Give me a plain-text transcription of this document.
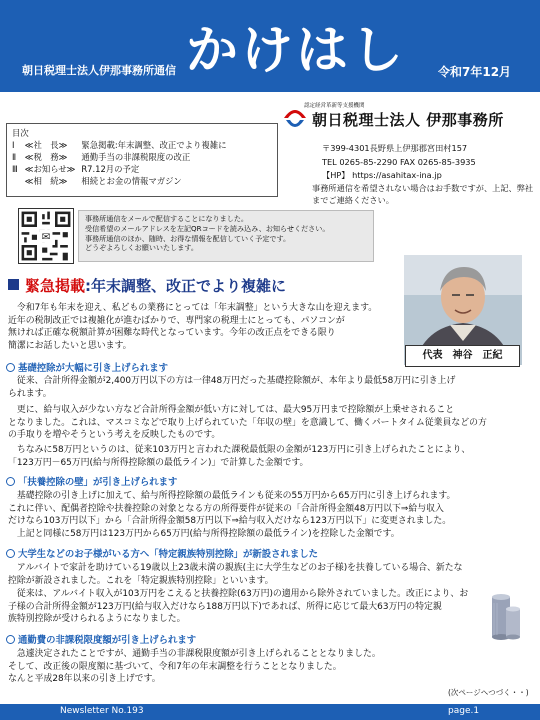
朝日税理士法人伊那事務所通信 かけはし	令和7年12月
目次
Ⅰ ≪社　長≫ 緊急掲載:年末調整、改正でより複雑に
Ⅱ ≪税　務≫ 通勤手当の非課税限度の改正
Ⅲ ≪お知らせ≫ R7.12月の予定
≪相　続≫ 相続とお金の情報マガジン
認定経営革新等支援機関
朝日税理士法人 伊那事務所
〒399-4301長野県上伊那郡宮田村157
TEL 0265-85-2290 FAX 0265-85-3935
【HP】 https://asahitax-ina.jp
事務所通信を希望されない場合はお手数ですが、上記、弊社までご連絡ください。
✉
事務所通信をメールで配信することになりました。
受信希望のメールアドレスを左記QRコードを読み込み、お知らせください。
事務所通信のほか、随時、お得な情報を配信していく予定です。
どうぞよろしくお願いいたします。
代表　神谷　正紀
緊急掲載:年末調整、改正でより複雑に
　令和7年も年末を迎え、私どもの業務にとっては「年末調整」という大きな山を迎えます。
近年の税制改正では複雑化が進むばかりで、専門家の税理士にとっても、パソコンが
無ければ正確な税額計算が困難な時代となっています。今年の改正点をできる限り
簡潔にお話したいと思います。
基礎控除が大幅に引き上げられます
　従来、合計所得金額が2,400万円以下の方は一律48万円だった基礎控除額が、本年より最低58万円に引き上げ
られます。
　更に、給与収入が少ない方など合計所得金額が低い方に対しては、最大95万円まで控除額が上乗せされること
となりました。これは、マスコミなどで取り上げられていた「年収の壁」を意識して、働くパートタイム従業員などの方
の手取りを増やそうという考えを反映したものです。
　ちなみに58万円というのは、従来103万円と言われた課税最低限の金額が123万円に引き上げられたことにより、
「123万円－65万円(給与所得控除額の最低ライン)」で計算した金額です。
「扶養控除の壁」が引き上げられます
　基礎控除の引き上げに加えて、給与所得控除額の最低ラインも従来の55万円から65万円に引き上げられます。
これに伴い、配偶者控除や扶養控除の対象となる方の所得要件が従来の「合計所得金額48万円以下⇒給与収入
だけなら103万円以下」から「合計所得金額58万円以下⇒給与収入だけなら123万円以下」に変更されました。
　上記と同様に58万円は123万円から65万円(給与所得控除額の最低ライン)を控除した金額です。
大学生などのお子様がいる方へ「特定親族特別控除」が新設されました
　アルバイトで家計を助けている19歳以上23歳未満の親族(主に大学生などのお子様)を扶養している場合、新たな
控除が新設されました。これを「特定親族特別控除」といいます。
　従来は、アルバイト収入が103万円をこえると扶養控除(63万円)の適用から除外されていました。改正により、お
子様の合計所得金額が123万円(給与収入だけなら188万円以下)であれば、所得に応じて最大63万円の特定親
族特別控除が受けられるようになりました。
通勤費の非課税限度額が引き上げられます
　急遽決定されたことですが、通勤手当の非課税限度額が引き上げられることとなりました。
そして、改正後の限度額に基づいて、令和7年の年末調整を行うこととなりました。
なんと平成28年以来の引き上げです。
(次ページへつづく・・)
Newsletter No.193	page.1
